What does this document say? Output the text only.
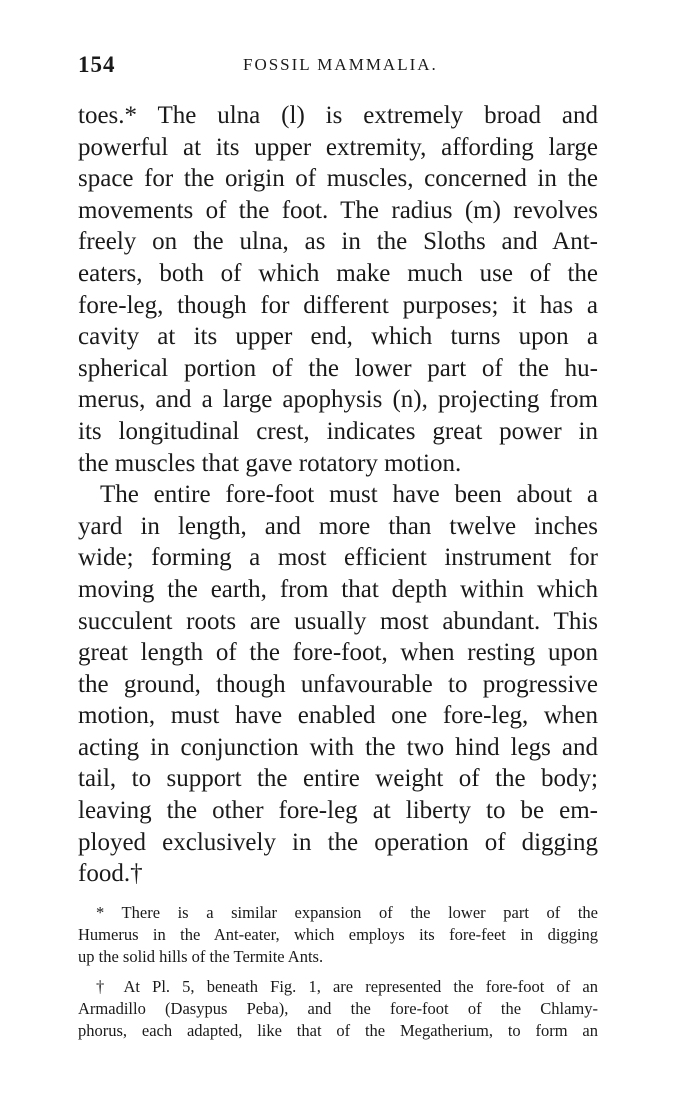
154	FOSSIL MAMMALIA.
toes.* The ulna (l) is extremely broad and
powerful at its upper extremity, affording large
space for the origin of muscles, concerned in the
movements of the foot. The radius (m) revolves
freely on the ulna, as in the Sloths and Ant-
eaters, both of which make much use of the
fore-leg, though for different purposes; it has a
cavity at its upper end, which turns upon a
spherical portion of the lower part of the hu-
merus, and a large apophysis (n), projecting from
its longitudinal crest, indicates great power in
the muscles that gave rotatory motion.
The entire fore-foot must have been about a
yard in length, and more than twelve inches
wide; forming a most efficient instrument for
moving the earth, from that depth within which
succulent roots are usually most abundant. This
great length of the fore-foot, when resting upon
the ground, though unfavourable to progressive
motion, must have enabled one fore-leg, when
acting in conjunction with the two hind legs and
tail, to support the entire weight of the body;
leaving the other fore-leg at liberty to be em-
ployed exclusively in the operation of digging
food.†
* There is a similar expansion of the lower part of the
Humerus in the Ant-eater, which employs its fore-feet in digging
up the solid hills of the Termite Ants.
† At Pl. 5, beneath Fig. 1, are represented the fore-foot of an
Armadillo (Dasypus Peba), and the fore-foot of the Chlamy-
phorus, each adapted, like that of the Megatherium, to form an
